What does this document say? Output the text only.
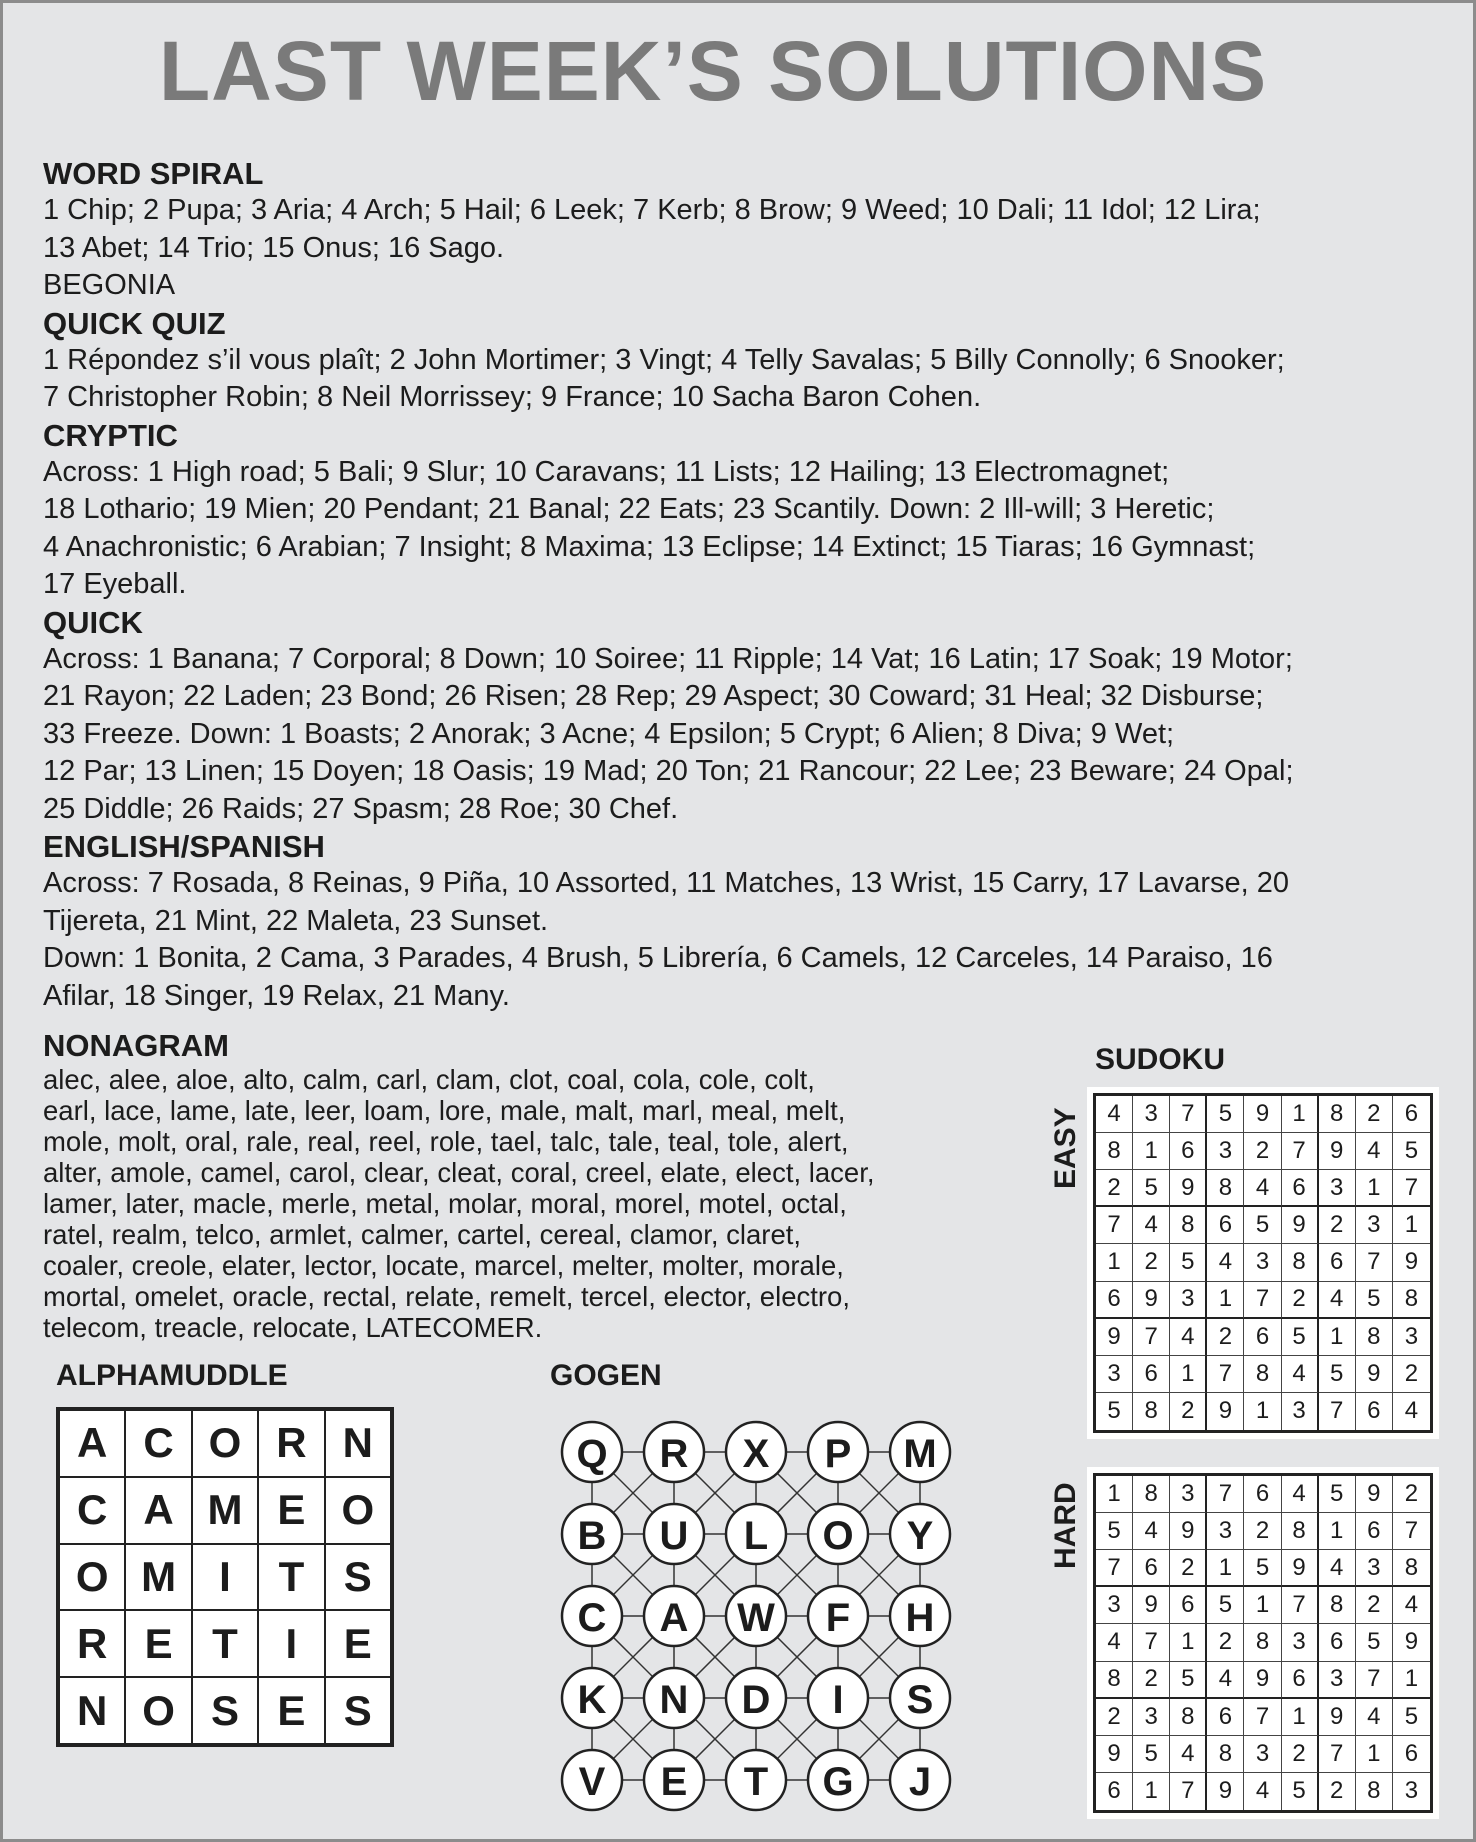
LAST WEEK’S SOLUTIONS
WORD SPIRAL
1 Chip; 2 Pupa; 3 Aria; 4 Arch; 5 Hail; 6 Leek; 7 Kerb; 8 Brow; 9 Weed; 10 Dali; 11 Idol; 12 Lira;
13 Abet; 14 Trio; 15 Onus; 16 Sago.
BEGONIA
QUICK QUIZ
1 Répondez s’il vous plaît; 2 John Mortimer; 3 Vingt; 4 Telly Savalas; 5 Billy Connolly; 6 Snooker;
7 Christopher Robin; 8 Neil Morrissey; 9 France; 10 Sacha Baron Cohen.
CRYPTIC
Across: 1 High road; 5 Bali; 9 Slur; 10 Caravans; 11 Lists; 12 Hailing; 13 Electromagnet;
18 Lothario; 19 Mien; 20 Pendant; 21 Banal; 22 Eats; 23 Scantily. Down: 2 Ill-will; 3 Heretic;
4 Anachronistic; 6 Arabian; 7 Insight; 8 Maxima; 13 Eclipse; 14 Extinct; 15 Tiaras; 16 Gymnast;
17 Eyeball.
QUICK
Across: 1 Banana; 7 Corporal; 8 Down; 10 Soiree; 11 Ripple; 14 Vat; 16 Latin; 17 Soak; 19 Motor;
21 Rayon; 22 Laden; 23 Bond; 26 Risen; 28 Rep; 29 Aspect; 30 Coward; 31 Heal; 32 Disburse;
33 Freeze. Down: 1 Boasts; 2 Anorak; 3 Acne; 4 Epsilon; 5 Crypt; 6 Alien; 8 Diva; 9 Wet;
12 Par; 13 Linen; 15 Doyen; 18 Oasis; 19 Mad; 20 Ton; 21 Rancour; 22 Lee; 23 Beware; 24 Opal;
25 Diddle; 26 Raids; 27 Spasm; 28 Roe; 30 Chef.
ENGLISH/SPANISH
Across: 7 Rosada, 8 Reinas, 9 Piña, 10 Assorted, 11 Matches, 13 Wrist, 15 Carry, 17 Lavarse, 20
Tijereta, 21 Mint, 22 Maleta, 23 Sunset.
Down: 1 Bonita, 2 Cama, 3 Parades, 4 Brush, 5 Librería, 6 Camels, 12 Carceles, 14 Paraiso, 16
Afilar, 18 Singer, 19 Relax, 21 Many.
NONAGRAM
alec, alee, aloe, alto, calm, carl, clam, clot, coal, cola, cole, colt,
earl, lace, lame, late, leer, loam, lore, male, malt, marl, meal, melt,
mole, molt, oral, rale, real, reel, role, tael, talc, tale, teal, tole, alert,
alter, amole, camel, carol, clear, cleat, coral, creel, elate, elect, lacer,
lamer, later, macle, merle, metal, molar, moral, morel, motel, octal,
ratel, realm, telco, armlet, calmer, cartel, cereal, clamor, claret,
coaler, creole, elater, lector, locate, marcel, melter, molter, morale,
mortal, omelet, oracle, rectal, relate, remelt, tercel, elector, electro,
telecom, treacle, relocate, LATECOMER.
ALPHAMUDDLE
A C O R N
C A M E O
O M	I	T S
R E T	I	E
N O S E S
GOGEN
Q R X P M
B U L O Y
C A W F H
K N D I S
V E T G J
SUDOKU
EASY	4 3 7	5 9 1	8 2	6
8 1 6	3 2 7	9 4	5
2 5 9	8 4 6	3 1	7
7 4 8	6 5 9	2 3	1
1 2 5	4 3 8	6 7	9
6 9 3	1 7 2	4 5	8
9 7 4	2 6 5	1 8	3
3 6 1	7 8 4	5 9	2
5 8 2	9 1 3	7 6	4
HARD	1 8 3	7 6 4	5 9	2
5 4 9	3 2 8	1 6	7
7 6 2	1 5 9	4 3	8
3 9 6	5 1 7	8 2	4
4 7 1	2 8 3	6 5	9
8 2 5	4 9 6	3 7	1
2 3 8	6 7 1	9 4	5
9 5 4	8 3 2	7 1	6
6 1 7	9 4 5	2 8	3
